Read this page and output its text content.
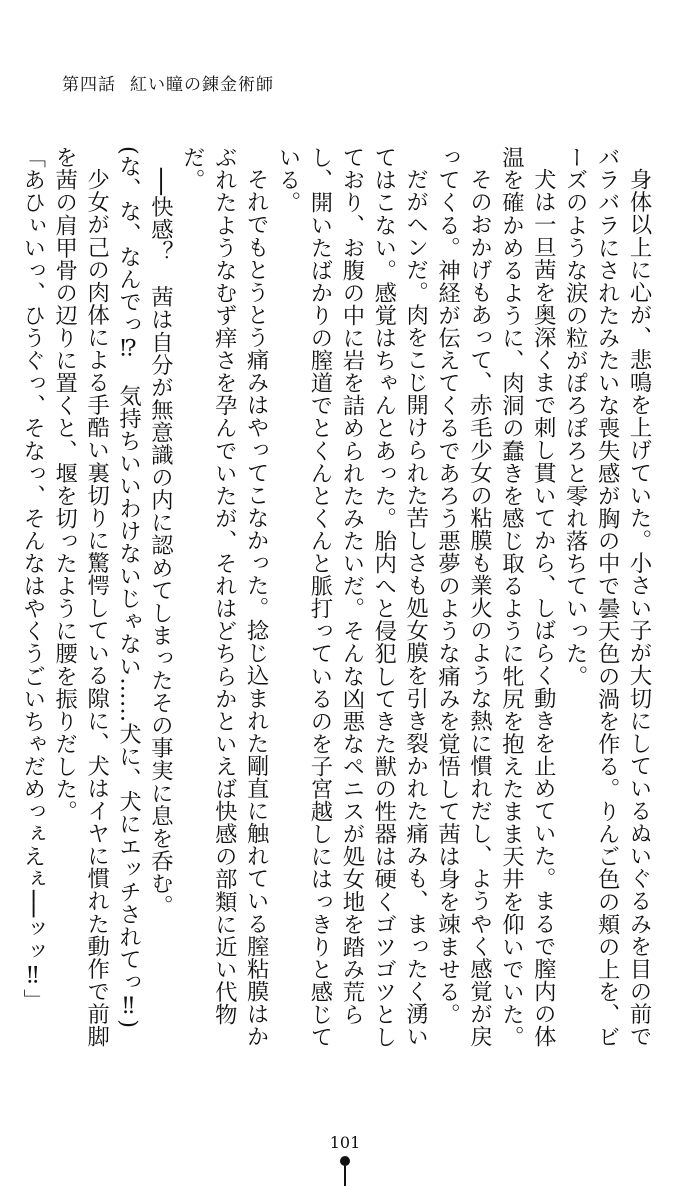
第四話 紅い瞳の錬金術師

身体以上に心が、悲鳴を上げていた。小さい子が大切にしているぬいぐるみを目の前でバラバラにされたみたいな喪失感が胸の中で曇天色の渦を作る。りんご色の頬の上を、ビーズのような涙の粒がぽろぽろと零れ落ちていった。

犬は一旦茜を奥深くまで刺し貫いてから、しばらく動きを止めていた。まるで膣内の体温を確かめるように、肉洞の蠢きを感じ取るように牝尻を抱えたまま天井を仰いでいた。

そのおかげもあって、赤毛少女の粘膜も業火のような熱に慣れだし、ようやく感覚が戻ってくる。神経が伝えてくるであろう悪夢のような痛みを覚悟して茜は身を竦ませる。

だがヘンだ。肉をこじ開けられた苦しさも処女膜を引き裂かれた痛みも、まったく湧いてはこない。感覚はちゃんとあった。胎内へと侵犯してきた獣の性器は硬くゴツゴツとしており、お腹の中に岩を詰められたみたいだ。そんな凶悪なペニスが処女地を踏み荒らし、開いたばかりの膣道でとくんとくんと脈打っているのを子宮越しにはっきりと感じている。

それでもとうとう痛みはやってこなかった。捻じ込まれた剛直に触れている膣粘膜はかぶれたようなむず痒さを孕んでいたが、それはどちらかといえば快感の部類に近い代物だ。

──快感？　茜は自分が無意識の内に認めてしまったその事実に息を呑む。

(な、な、なんでっ⁉　気持ちいいわけないじゃない……犬に、犬にエッチされてっ‼)

少女が己の肉体による手酷い裏切りに驚愕している隙に、犬はイヤに慣れた動作で前脚を茜の肩甲骨の辺りに置くと、堰を切ったように腰を振りだした。

「あひぃいっ、ひうぐっ、そなっ、そんなはやくうごいちゃだめっぇえぇ──ッッ‼」

101
